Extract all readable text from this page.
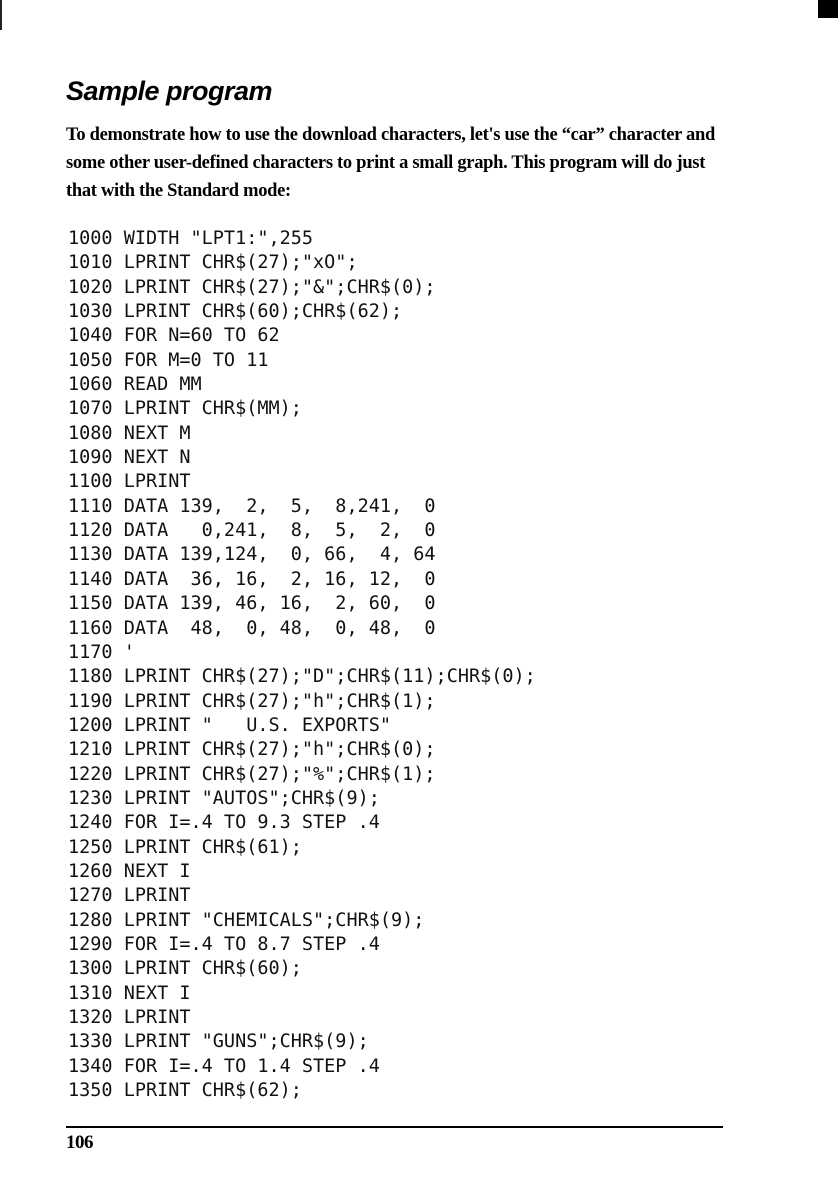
Sample program

To demonstrate how to use the download characters, let's use the “car” character and some other user-defined characters to print a small graph. This program will do just that with the Standard mode:

1000 WIDTH "LPT1:",255
1010 LPRINT CHR$(27);"xO";
1020 LPRINT CHR$(27);"&";CHR$(0);
1030 LPRINT CHR$(60);CHR$(62);
1040 FOR N=60 TO 62
1050 FOR M=0 TO 11
1060 READ MM
1070 LPRINT CHR$(MM);
1080 NEXT M
1090 NEXT N
1100 LPRINT
1110 DATA 139,  2,  5,  8,241,  0
1120 DATA   0,241,  8,  5,  2,  0
1130 DATA 139,124,  0, 66,  4, 64
1140 DATA  36, 16,  2, 16, 12,  0
1150 DATA 139, 46, 16,  2, 60,  0
1160 DATA  48,  0, 48,  0, 48,  0
1170 '
1180 LPRINT CHR$(27);"D";CHR$(11);CHR$(0);
1190 LPRINT CHR$(27);"h";CHR$(1);
1200 LPRINT "   U.S. EXPORTS"
1210 LPRINT CHR$(27);"h";CHR$(0);
1220 LPRINT CHR$(27);"%";CHR$(1);
1230 LPRINT "AUTOS";CHR$(9);
1240 FOR I=.4 TO 9.3 STEP .4
1250 LPRINT CHR$(61);
1260 NEXT I
1270 LPRINT
1280 LPRINT "CHEMICALS";CHR$(9);
1290 FOR I=.4 TO 8.7 STEP .4
1300 LPRINT CHR$(60);
1310 NEXT I
1320 LPRINT
1330 LPRINT "GUNS";CHR$(9);
1340 FOR I=.4 TO 1.4 STEP .4
1350 LPRINT CHR$(62);
106
